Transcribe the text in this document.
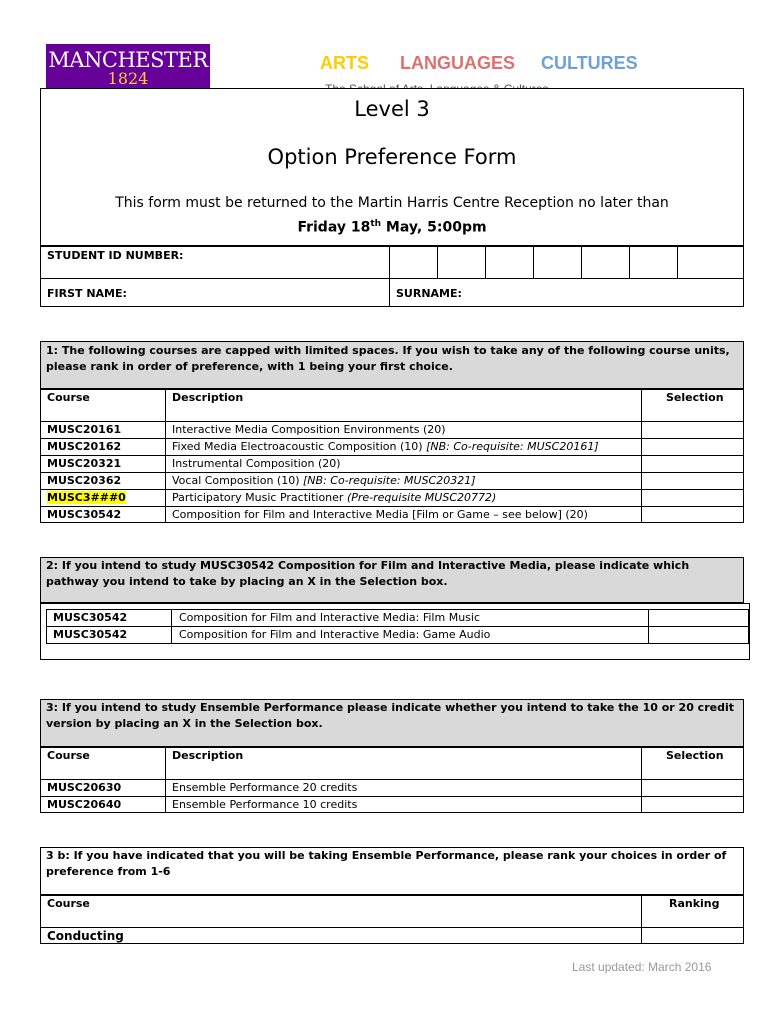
MANCHESTER
1824
ARTS LANGUAGES CULTURES
Level 3
Option Preference Form
This form must be returned to the Martin Harris Centre Reception no later than
Friday 18th May, 5:00pm
STUDENT ID NUMBER:
FIRST NAME:	SURNAME:
1: The following courses are capped with limited spaces. If you wish to take any of the following course units, please rank in order of preference, with 1 being your first choice.
Course	Description	Selection
MUSC20161	Interactive Media Composition Environments (20)
MUSC20162	Fixed Media Electroacoustic Composition (10) [NB: Co-requisite: MUSC20161]
MUSC20321	Instrumental Composition (20)
MUSC20362	Vocal Composition (10) [NB: Co-requisite: MUSC20321]
MUSC3###0	Participatory Music Practitioner (Pre-requisite MUSC20772)
MUSC30542	Composition for Film and Interactive Media [Film or Game – see below] (20)
2: If you intend to study MUSC30542 Composition for Film and Interactive Media, please indicate which pathway you intend to take by placing an X in the Selection box.
MUSC30542	Composition for Film and Interactive Media: Film Music
MUSC30542	Composition for Film and Interactive Media: Game Audio
3: If you intend to study Ensemble Performance please indicate whether you intend to take the 10 or 20 credit version by placing an X in the Selection box.
Course	Description	Selection
MUSC20630	Ensemble Performance 20 credits
MUSC20640	Ensemble Performance 10 credits
3 b: If you have indicated that you will be taking Ensemble Performance, please rank your choices in order of preference from 1-6
Course	Ranking
Conducting
Last updated: March 2016
